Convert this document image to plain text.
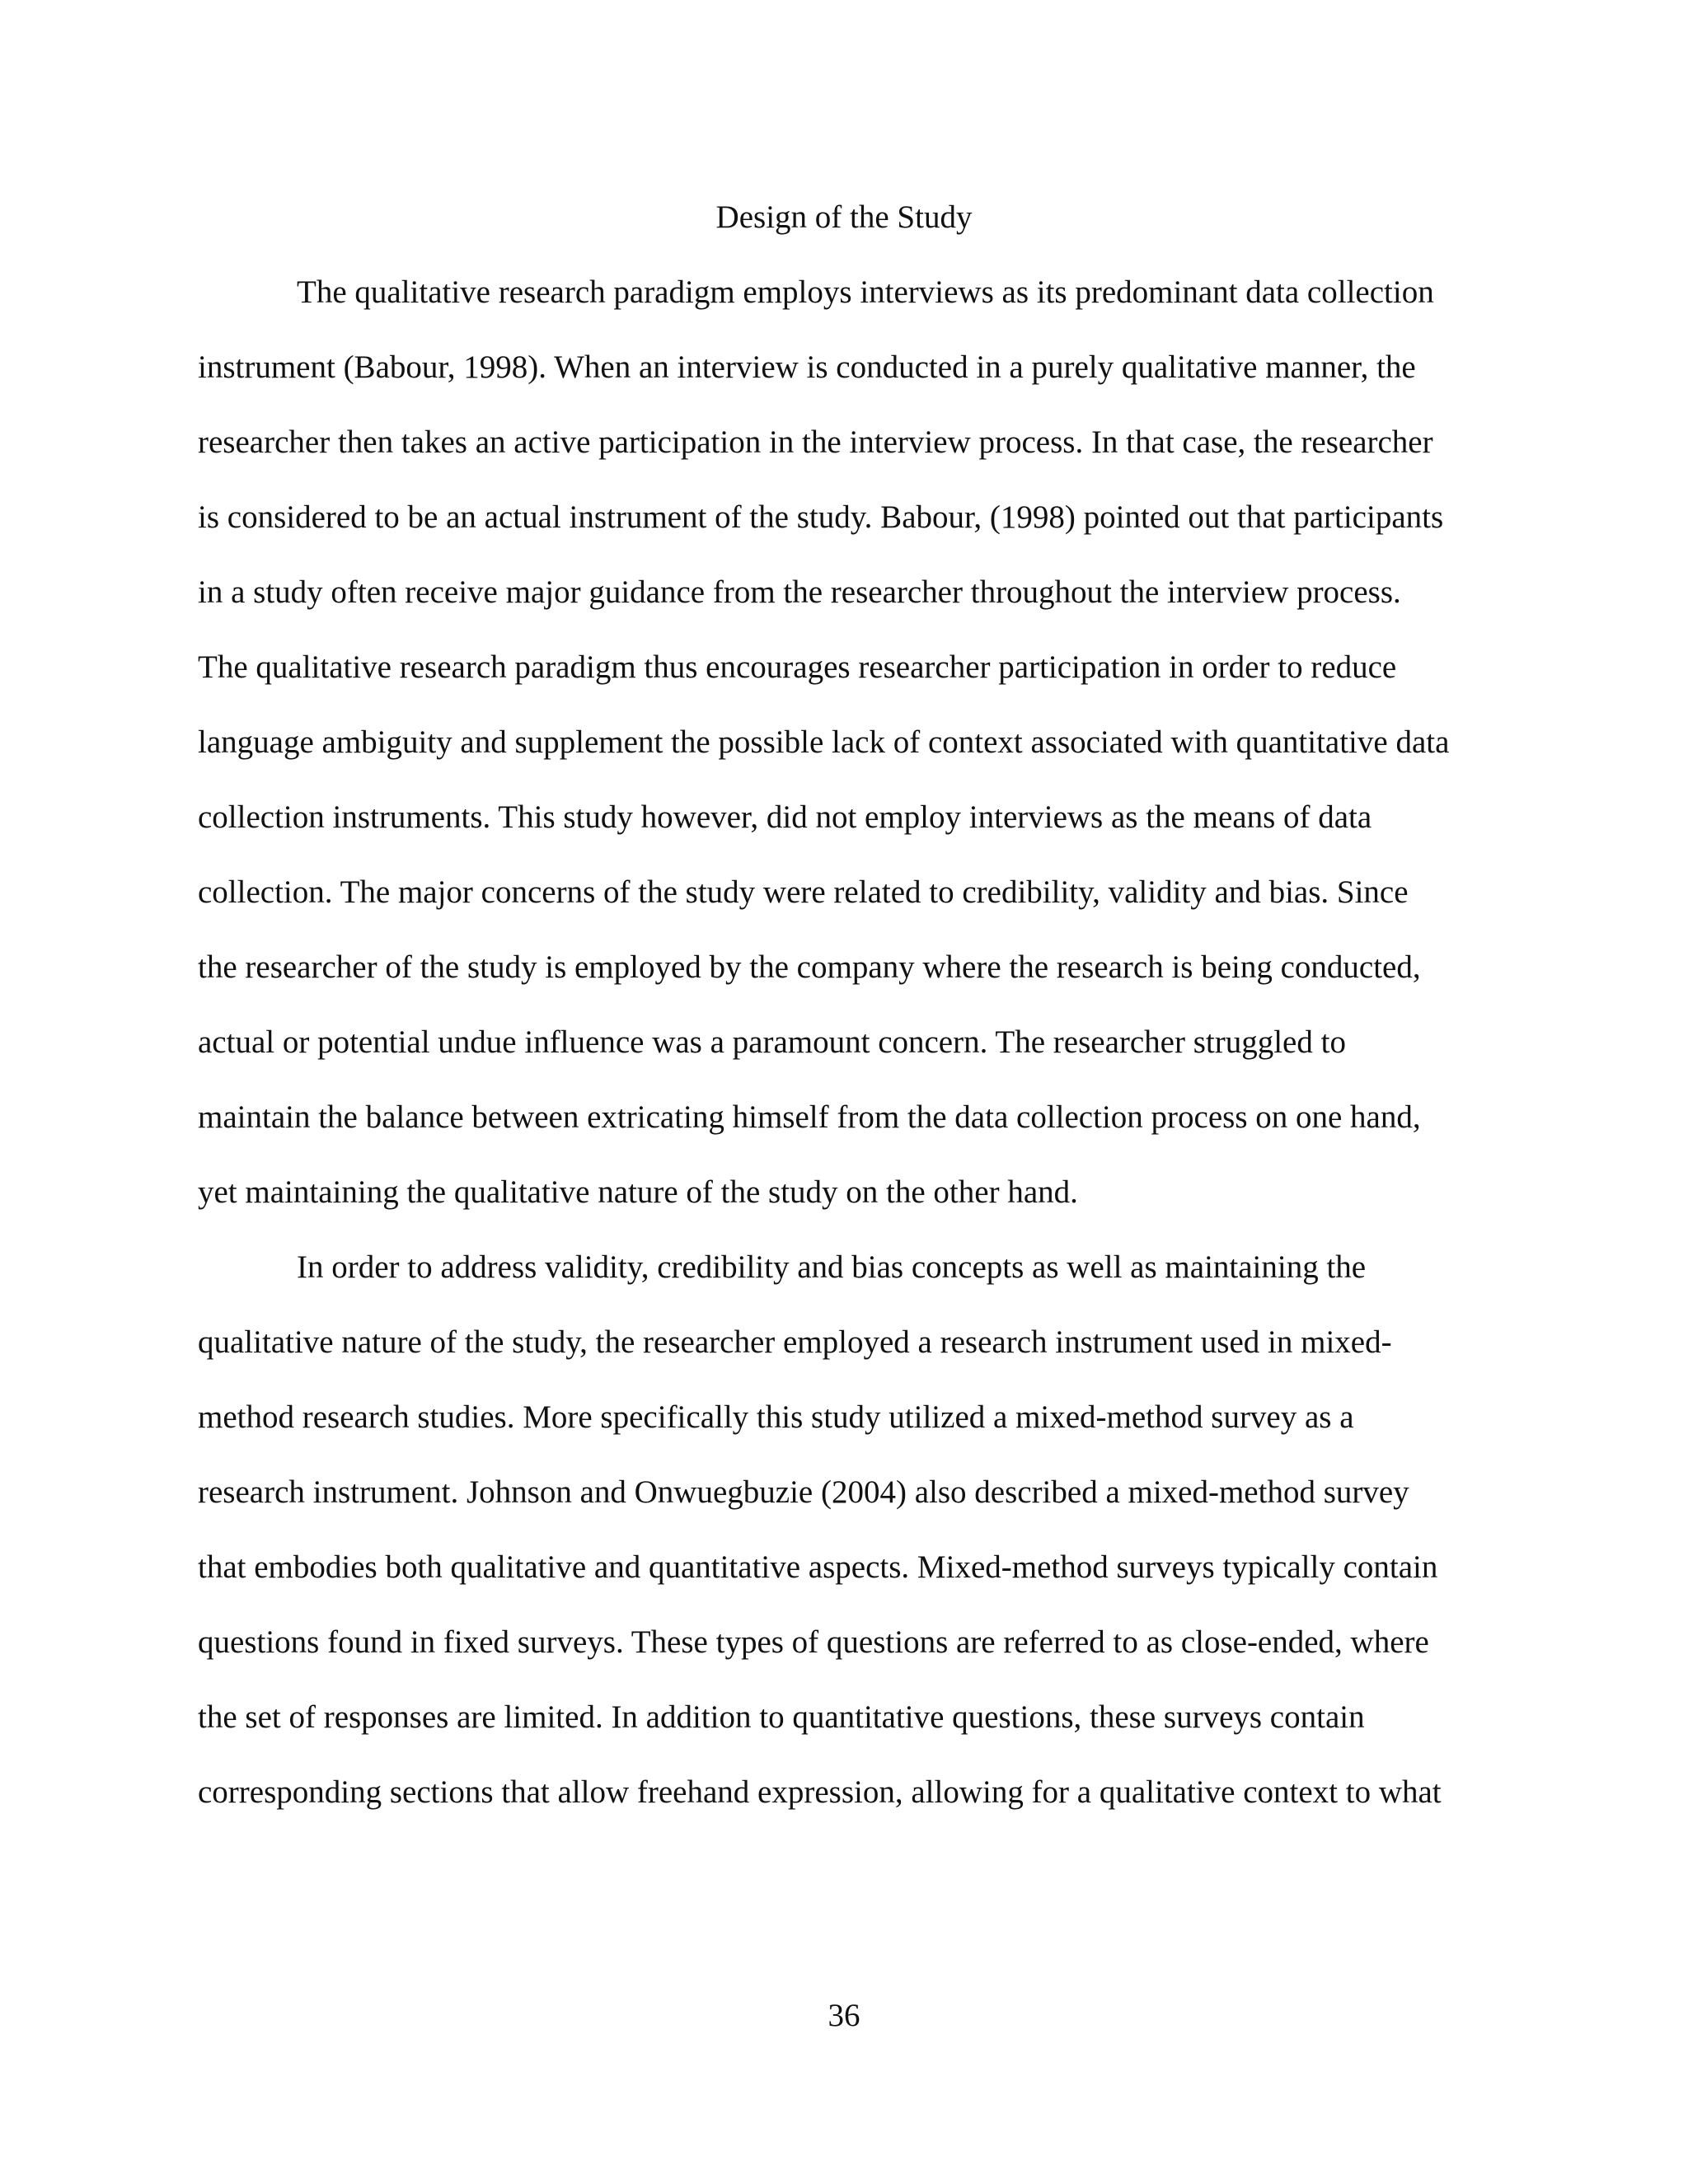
Design of the Study

The qualitative research paradigm employs interviews as its predominant data collection

instrument (Babour, 1998). When an interview is conducted in a purely qualitative manner, the

researcher then takes an active participation in the interview process. In that case, the researcher

is considered to be an actual instrument of the study. Babour, (1998) pointed out that participants

in a study often receive major guidance from the researcher throughout the interview process.

The qualitative research paradigm thus encourages researcher participation in order to reduce

language ambiguity and supplement the possible lack of context associated with quantitative data

collection instruments. This study however, did not employ interviews as the means of data

collection. The major concerns of the study were related to credibility, validity and bias. Since

the researcher of the study is employed by the company where the research is being conducted,

actual or potential undue influence was a paramount concern. The researcher struggled to

maintain the balance between extricating himself from the data collection process on one hand,

yet maintaining the qualitative nature of the study on the other hand.

In order to address validity, credibility and bias concepts as well as maintaining the

qualitative nature of the study, the researcher employed a research instrument used in mixed-

method research studies. More specifically this study utilized a mixed-method survey as a

research instrument. Johnson and Onwuegbuzie (2004) also described a mixed-method survey

that embodies both qualitative and quantitative aspects. Mixed-method surveys typically contain

questions found in fixed surveys. These types of questions are referred to as close-ended, where

the set of responses are limited. In addition to quantitative questions, these surveys contain

corresponding sections that allow freehand expression, allowing for a qualitative context to what

36
